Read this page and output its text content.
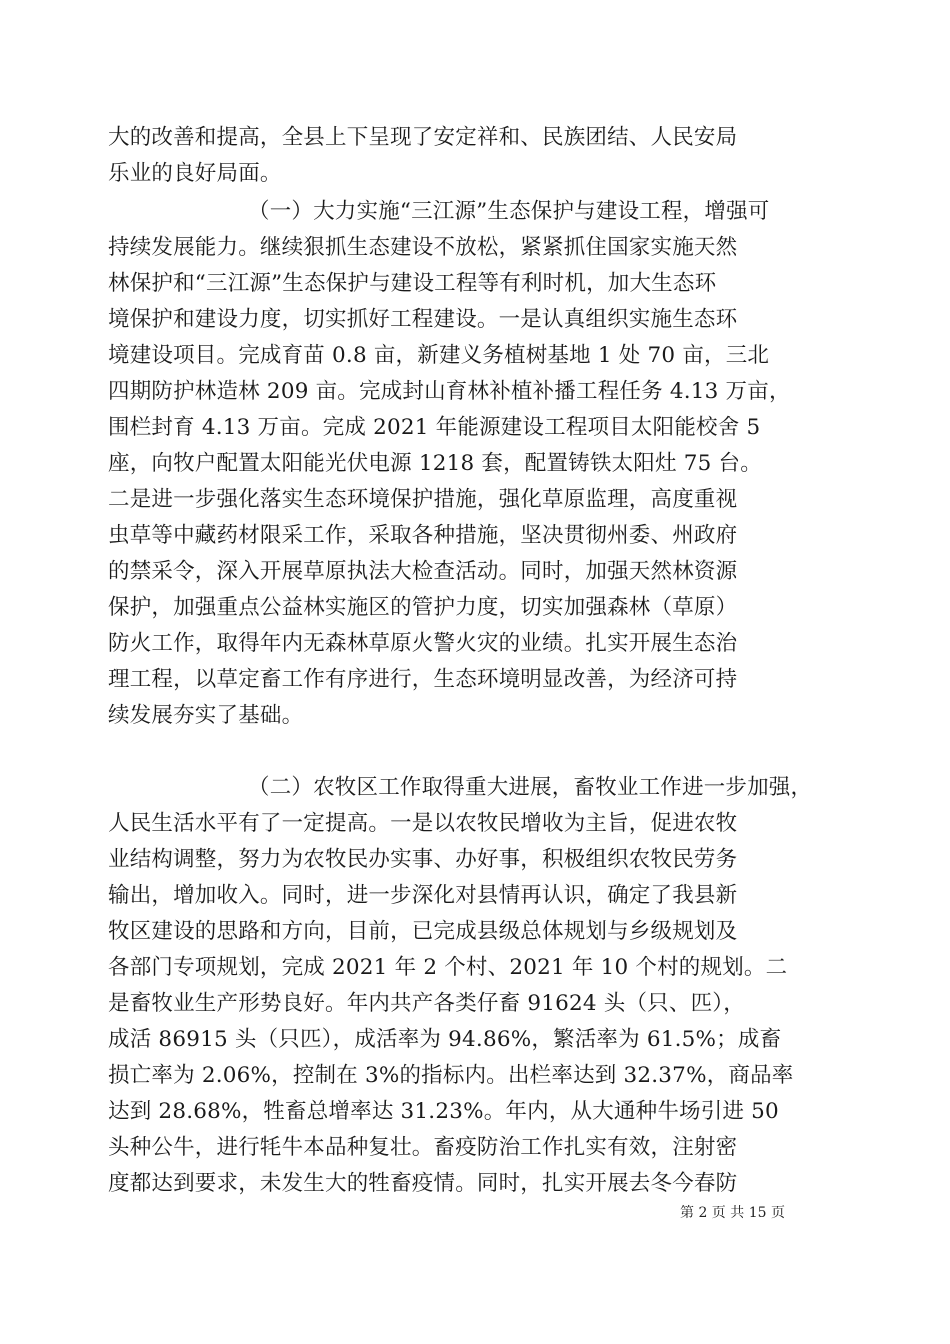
大的改善和提高，全县上下呈现了安定祥和、民族团结、人民安局
乐业的良好局面。
（一）大力实施“三江源”生态保护与建设工程，增强可
持续发展能力。继续狠抓生态建设不放松，紧紧抓住国家实施天然
林保护和“三江源”生态保护与建设工程等有利时机，加大生态环
境保护和建设力度，切实抓好工程建设。一是认真组织实施生态环
境建设项目。完成育苗 0.8 亩，新建义务植树基地 1 处 70 亩，三北
四期防护林造林 209 亩。完成封山育林补植补播工程任务 4.13 万亩，
围栏封育 4.13 万亩。完成 2021 年能源建设工程项目太阳能校舍 5
座，向牧户配置太阳能光伏电源 1218 套，配置铸铁太阳灶 75 台。
二是进一步强化落实生态环境保护措施，强化草原监理，高度重视
虫草等中藏药材限采工作，采取各种措施，坚决贯彻州委、州政府
的禁采令，深入开展草原执法大检查活动。同时，加强天然林资源
保护，加强重点公益林实施区的管护力度，切实加强森林（草原）
防火工作，取得年内无森林草原火警火灾的业绩。扎实开展生态治
理工程，以草定畜工作有序进行，生态环境明显改善，为经济可持
续发展夯实了基础。
（二）农牧区工作取得重大进展，畜牧业工作进一步加强，
人民生活水平有了一定提高。一是以农牧民增收为主旨，促进农牧
业结构调整，努力为农牧民办实事、办好事，积极组织农牧民劳务
输出，增加收入。同时，进一步深化对县情再认识，确定了我县新
牧区建设的思路和方向，目前，已完成县级总体规划与乡级规划及
各部门专项规划，完成 2021 年 2 个村、2021 年 10 个村的规划。二
是畜牧业生产形势良好。年内共产各类仔畜 91624 头（只、匹），
成活 86915 头（只匹），成活率为 94.86%，繁活率为 61.5%；成畜
损亡率为 2.06%，控制在 3%的指标内。出栏率达到 32.37%，商品率
达到 28.68%，牲畜总增率达 31.23%。年内，从大通种牛场引进 50
头种公牛，进行牦牛本品种复壮。畜疫防治工作扎实有效，注射密
度都达到要求，未发生大的牲畜疫情。同时，扎实开展去冬今春防
第 2 页 共 15 页
